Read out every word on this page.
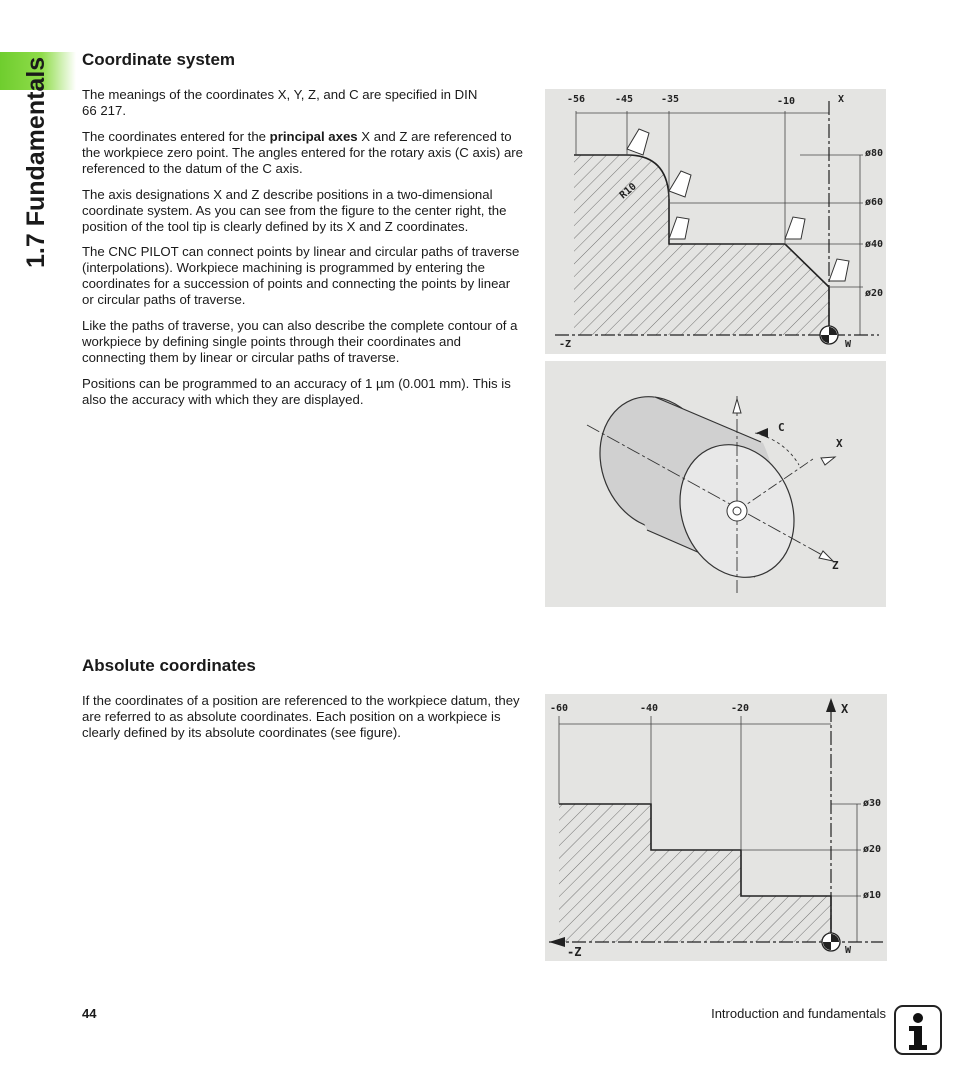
1.7 Fundamentals Coordinate system

The meanings of the coordinates X, Y, Z, and C are specified in DIN 66 217.

The coordinates entered for the principal axes X and Z are referenced to the workpiece zero point. The angles entered for the rotary axis (C axis) are referenced to the datum of the C axis.

The axis designations X and Z describe positions in a two-dimensional coordinate system. As you can see from the figure to the center right, the position of the tool tip is clearly defined by its X and Z coordinates.

The CNC PILOT can connect points by linear and circular paths of traverse (interpolations). Workpiece machining is programmed by entering the coordinates for a succession of points and connecting the points by linear or circular paths of traverse.

Like the paths of traverse, you can also describe the complete contour of a workpiece by defining single points through their coordinates and connecting them by linear or circular paths of traverse.

Positions can be programmed to an accuracy of 1 µm (0.001 mm). This is also the accuracy with which they are displayed.

Absolute coordinates

If the coordinates of a position are referenced to the workpiece datum, they are referred to as absolute coordinates. Each position on a workpiece is clearly defined by its absolute coordinates (see figure).

-56	-45	-35	-10	X
ø80
ø60
ø40
ø20
-Z	W
R10
C
X
Z
-60	-40	-20	X
ø30
ø20
ø10
-Z	W
44	Introduction and fundamentals
